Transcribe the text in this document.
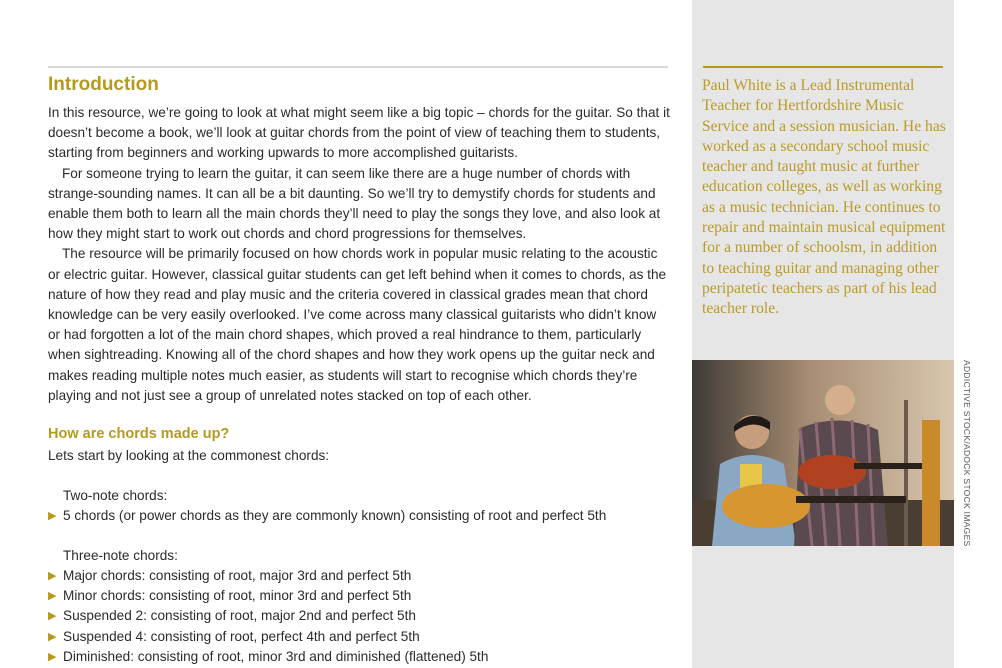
Introduction

In this resource, we’re going to look at what might seem like a big topic – chords for the guitar. So that it doesn’t become a book, we’ll look at guitar chords from the point of view of teaching them to students, starting from beginners and working upwards to more accomplished guitarists.

For someone trying to learn the guitar, it can seem like there are a huge number of chords with strange-sounding names. It can all be a bit daunting. So we’ll try to demystify chords for students and enable them both to learn all the main chords they’ll need to play the songs they love, and also look at how they might start to work out chords and chord progressions for themselves.

The resource will be primarily focused on how chords work in popular music relating to the acoustic or electric guitar. However, classical guitar students can get left behind when it comes to chords, as the nature of how they read and play music and the criteria covered in classical grades mean that chord knowledge can be very easily overlooked. I’ve come across many classical guitarists who didn’t know or had forgotten a lot of the main chord shapes, which proved a real hindrance to them, particularly when sightreading. Knowing all of the chord shapes and how they work opens up the guitar neck and makes reading multiple notes much easier, as students will start to recognise which chords they’re playing and not just see a group of unrelated notes stacked on top of each other.

How are chords made up?

Lets start by looking at the commonest chords:

Two-note chords:

▶ 5 chords (or power chords as they are commonly known) consisting of root and perfect 5th

Three-note chords:

▶ Major chords: consisting of root, major 3rd and perfect 5th
▶ Minor chords: consisting of root, minor 3rd and perfect 5th
▶ Suspended 2: consisting of root, major 2nd and perfect 5th
▶ Suspended 4: consisting of root, perfect 4th and perfect 5th
▶ Diminished: consisting of root, minor 3rd and diminished (flattened) 5th

Paul White is a Lead Instrumental Teacher for Hertfordshire Music Service and a session musician. He has worked as a secondary school music teacher and taught music at further education colleges, as well as working as a music technician. He continues to repair and maintain musical equipment for a number of schoolsm, in addition to teaching guitar and managing other peripatetic teachers as part of his lead teacher role.

ADDICTIVE STOCK/ADOCK STOCK IMAGES
